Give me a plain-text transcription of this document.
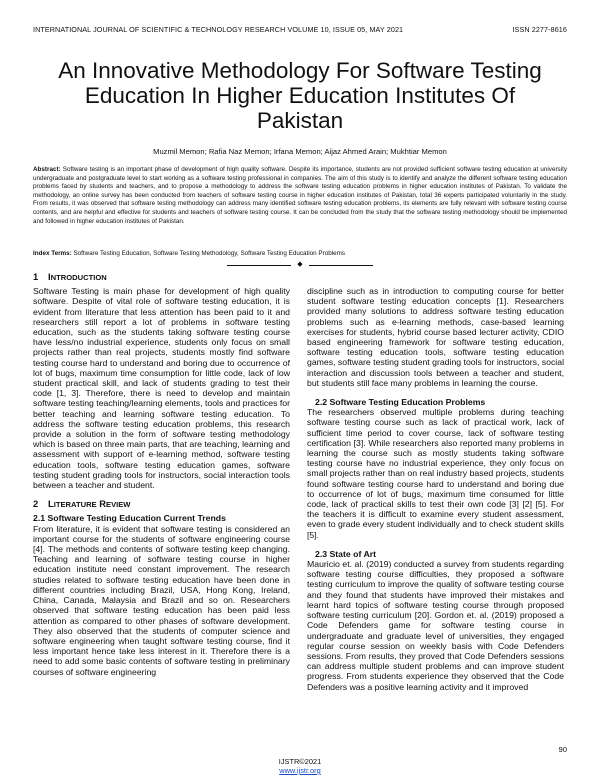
INTERNATIONAL JOURNAL OF SCIENTIFIC & TECHNOLOGY RESEARCH VOLUME 10, ISSUE 05, MAY 2021	ISSN 2277-8616
An Innovative Methodology For Software Testing Education In Higher Education Institutes Of Pakistan
Muzmil Memon; Rafia Naz Memon; Irfana Memon; Aijaz Ahmed Arain; Mukhtiar Memon
Abstract: Software testing is an important phase of development of high quality software. Despite its importance, students are not provided sufficient software testing education at university undergraduate and postgraduate level to start working as a software testing professional in companies. The aim of this study is to identify and analyze the different software testing education problems faced by students and teachers, and to propose a methodology to address the software testing education problems in higher education institutes of Pakistan. To validate the methodology, an online survey has been conducted from teachers of software testing course in higher education institutes of Pakistan, total 36 experts participated voluntarily in the study. From results, it was observed that software testing methodology can address many identified software testing education problems, its elements are fully relevant with software testing course contents, and are helpful and effective for students and teachers of software testing course. It can be concluded from the study that the software testing methodology should be implemented and followed in higher education institutes of Pakistan.
Index Terms: Software Testing Education, Software Testing Methodology, Software Testing Education Problems
◆
1 INTRODUCTION

Software Testing is main phase for development of high quality software. Despite of vital role of software testing education, it is evident from literature that less attention has been paid to it and researchers still report a lot of problems in software testing education, such as the students taking software testing course have less/no industrial experience, students only focus on small projects rather than real projects, students mostly find software testing course hard to understand and boring due to occurrence of lot of bugs, maximum time consumption for little code, lack of low student practical skill, and lack of students grading to test their code [1, 3]. Therefore, there is need to develop and maintain software testing teaching/learning elements, tools and practices for better teaching and learning software testing education. To address the software testing education problems, this research provide a solution in the form of software testing methodology which is based on three main parts, that are teaching, learning and assessment with support of e-learning method, software testing education tools, software testing education games, software testing student grading tools for instructors, social interaction tools between a teacher and student.

2 LITERATURE REVIEW
2.1 Software Testing Education Current Trends

From literature, it is evident that software testing is considered an important course for the students of software engineering course [4]. The methods and contents of software testing keep changing. Teaching and learning of software testing course in higher education institute need constant improvement. The research studies related to software testing education have been done in different countries including Brazil, USA, Hong Kong, Ireland, China, Canada, Malaysia and Brazil and so on. Researchers observed that software testing education has been paid less attention as compared to other phases of software development. They also observed that the students of computer science and software engineering when taught software testing course, find it less important hence take less interest in it. Therefore there is a need to add some basic contents of software testing in preliminary courses of software engineering

discipline such as in introduction to computing course for better student software testing education concepts [1]. Researchers provided many solutions to address software testing education problems such as e-learning methods, case-based learning exercises for students, hybrid course based lecturer activity, CDIO based engineering framework for software testing education, software testing education tools, software testing education games, software testing student grading tools for instructors, social interaction and discussion tools between a teacher and student, but students still face many problems in learning the course.

2.2 Software Testing Education Problems

The researchers observed multiple problems during teaching software testing course such as lack of practical work, lack of sufficient time period to cover course, lack of software testing certification [3]. While researchers also reported many problems in learning the course such as mostly students taking software testing course have no industrial experience, they only focus on small projects rather than on real industry based projects, students found software testing course hard to understand and boring due to occurrence of lot of bugs, maximum time consumed for little code, lack of practical skills to test their own code [3] [2] [5]. For the teachers it is difficult to examine every student assessment, even to grade every student individually and to check student skills [5].

2.3 State of Art

Mauricio et. al. (2019) conducted a survey from students regarding software testing course difficulties, they proposed a software testing curriculum to improve the quality of software testing course and they found that students have improved their mistakes and learnt hard topics of software testing course through proposed software testing curriculum [20]. Gordon et. al. (2019) proposed a Code Defenders game for software testing course in undergraduate and graduate level of universities, they engaged regular course session on weekly basis with Code Defenders sessions. From results, they proved that Code Defenders sessions can address multiple student problems and can improve student progress. From students experience they observed that the Code Defenders was a positive learning activity and it improved

90
IJSTR©2021
www.ijstr.org
